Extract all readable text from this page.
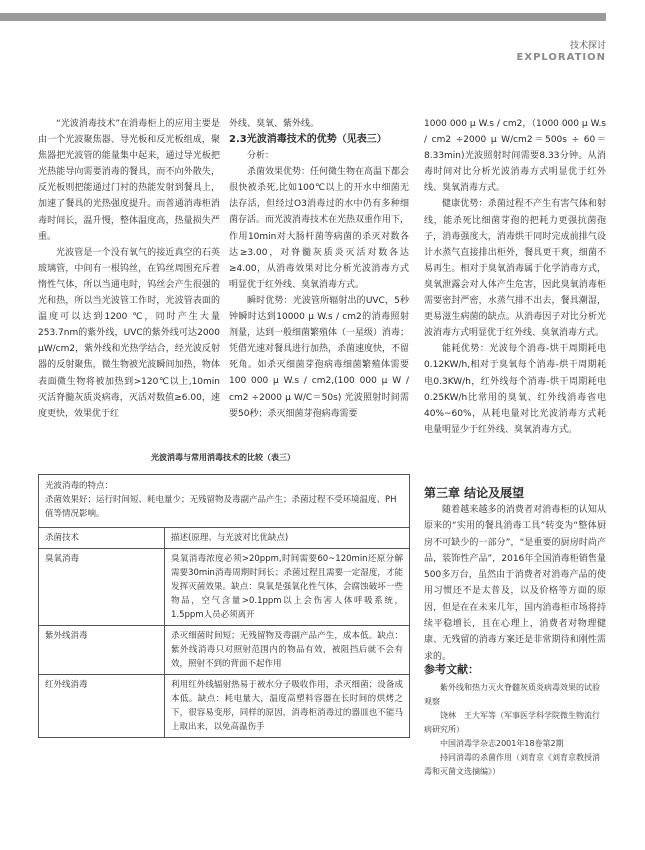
技术探讨
EXPLORATION

“光波消毒技术”在消毒柜上的应用主要是由一个光波聚焦器、导光板和反光板组成，聚焦器把光波管的能量集中起来，通过导光板把光热能导向需要消毒的餐具，而不向外散失，反光板则把能通过门衬的热能发射到餐具上，加速了餐具的光热强度提升。而普通消毒柜消毒时间长，温升慢，整体温度高，热量损失严重。

光波管是一个没有氧气的接近真空的石英玻璃管，中间有一根钨丝，在钨丝周围充斥着惰性气体，所以当通电时，钨丝会产生很强的光和热，所以当光波管工作时，光波管表面的温度可以达到1200 ℃，同时产生大量253.7nm的紫外线，UVC的紫外线可达2000 μW/cm2，紫外线和光热学结合，经光波反射器的反射聚焦，微生物被光波瞬间加热，物体表面微生物将被加热到>120℃以上,10min灭活脊髓灰质炎病毒，灭活对数值≥6.00，速度更快，效果优于红

外线、臭氧、紫外线。

2.3光波消毒技术的优势（见表三）

分析：

杀菌效果优势：任何微生物在高温下都会很快被杀死,比如100℃以上的开水中细菌无法存活，但经过O3消毒过的水中仍有多种细菌存活。而光波消毒技术在光热双重作用下，作用10min对大肠杆菌等病菌的杀灭对数各达≥3.00，对脊髓灰质炎灭活对数各达≥4.00，从消毒效果对比分析光波消毒方式明显优于红外线、臭氧消毒方式。

瞬时优势：光波管所辐射出的UVC，5秒钟瞬时达到10000 μ W.s / cm2的消毒照射剂量，达到一般细菌繁殖体（一星级）消毒；凭借光速对餐具进行加热，杀菌速度快，不留死角。如杀灭细菌芽孢病毒细菌繁殖体需要100 000 μ W.s / cm2,(100 000 μ W / cm2 ÷2000 μ W/C＝50s) 光波照射时间需要50秒；杀灭细菌芽孢病毒需要

1000 000 μ W.s / cm2，（1000 000 μ W.s / cm2 ÷2000 μ W/cm2＝500s ÷ 60＝8.33min)光波照射时间需要8.33分钟。从消毒时间对比分析光波消毒方式明显优于红外线、臭氧消毒方式。

健康优势：杀菌过程不产生有害气体和射线，能杀死比细菌芽孢的把耗力更强抗菌孢子，消毒强度大，消毒烘干同时完成前排气设计水蒸气直接排出柜外，餐具更干爽，细菌不易再生。相对于臭氧消毒属于化学消毒方式，臭氧泄露会对人体产生危害，因此臭氧消毒柜需要密封严密，水蒸气排不出去，餐具潮湿，更易滋生病菌的缺点。从消毒因子对比分析光波消毒方式明显优于红外线、臭氧消毒方式。

能耗优势：光波每个消毒-烘干周期耗电0.12KW/h,相对于臭氧每个消毒-烘干周期耗电0.3KW/h，红外线每个消毒-烘干周期耗电0.25KW/h比常用的臭氧、红外线消毒省电40%~60%，从耗电量对比光波消毒方式耗电量明显少于红外线、臭氧消毒方式。

光波消毒与常用消毒技术的比较（表三）
光波消毒的特点：
杀菌效果好；运行时间短、耗电量少；无残留物及毒副产品产生；杀菌过程不受环境温度、PH值等情况影响。
杀菌技术	描述(原理、与光波对比优缺点)
臭氧消毒	臭氧消毒浓度必须>20ppm,时间需要60~120min还原分解需要30min消毒周期时间长；杀菌过程且需要一定湿度，才能发挥灭菌效果。缺点：臭氧是强氧化性气体，会腐蚀破坏一些物品，空气含量>0.1ppm以上会伤害人体呼吸系统，1.5ppm人员必须离开
紫外线消毒	杀灭细菌时间短；无残留物及毒副产品产生，成本低。缺点：紫外线消毒只对照射范围内的物品有效，被阻挡后就不会有效，照射不到的背面不起作用
红外线消毒	利用红外线辐射热易于被水分子吸收作用，杀灭细菌；设备成本低。缺点：耗电量大，温度高塑料容器在长时间的烘烤之下，很容易变形，同样的原因，消毒柜消毒过的器皿也不能马上取出来，以免高温伤手
第三章 结论及展望

随着越来越多的消费者对消毒柜的认知从原来的“实用的餐具消毒工具”转变为“整体厨房不可缺少的一部分”，“是重要的厨房时尚产品，装饰性产品”，2016年全国消毒柜销售量500多万台，虽然由于消费者对消毒产品的使用习惯还不是太普及，以及价格等方面的原因，但是在在未来几年，国内消毒柜市场将持续平稳增长，且在心理上，消费者对物理健康、无残留的消毒方案还是非常期待和刚性需求的。

参考文献：
紫外线和热力灭火脊髓灰质炎病毒效果的试验观察
饶林　王大军等（军事医学科学院微生物流行病研究所）
中国消毒学杂志2001年18卷第2期
持同消毒的杀菌作用（刘育京《刘育京教授消毒和灭菌文选摘编》）
